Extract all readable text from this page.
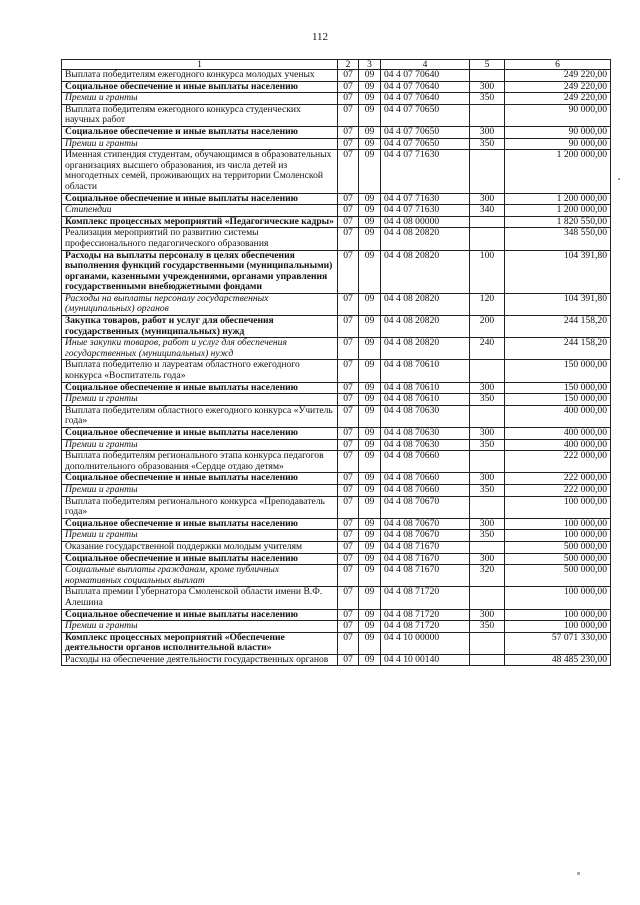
112
1	2	3	4	5	6
Выплата победителям ежегодного конкурса молодых ученых	07	09	04 4 07 70640		249 220,00
Социальное обеспечение и иные выплаты населению	07	09	04 4 07 70640	300	249 220,00
Премии и гранты	07	09	04 4 07 70640	350	249 220,00
Выплата победителям ежегодного конкурса студенческих научных работ	07	09	04 4 07 70650		90 000,00
Социальное обеспечение и иные выплаты населению	07	09	04 4 07 70650	300	90 000,00
Премии и гранты	07	09	04 4 07 70650	350	90 000,00
Именная стипендия студентам, обучающимся в образовательных организациях высшего образования, из числа детей из многодетных семей, проживающих на территории Смоленской области	07	09	04 4 07 71630		1 200 000,00
Социальное обеспечение и иные выплаты населению	07	09	04 4 07 71630	300	1 200 000,00
Стипендии	07	09	04 4 07 71630	340	1 200 000,00
Комплекс процессных мероприятий «Педагогические кадры»	07	09	04 4 08 00000		1 820 550,00
Реализация мероприятий по развитию системы профессионального педагогического образования	07	09	04 4 08 20820		348 550,00
Расходы на выплаты персоналу в целях обеспечения выполнения функций государственными (муниципальными) органами, казенными учреждениями, органами управления государственными внебюджетными фондами	07	09	04 4 08 20820	100	104 391,80
Расходы на выплаты персоналу государственных (муниципальных) органов	07	09	04 4 08 20820	120	104 391,80
Закупка товаров, работ и услуг для обеспечения государственных (муниципальных) нужд	07	09	04 4 08 20820	200	244 158,20
Иные закупки товаров, работ и услуг для обеспечения государственных (муниципальных) нужд	07	09	04 4 08 20820	240	244 158,20
Выплата победителю и лауреатам областного ежегодного конкурса «Воспитатель года»	07	09	04 4 08 70610		150 000,00
Социальное обеспечение и иные выплаты населению	07	09	04 4 08 70610	300	150 000,00
Премии и гранты	07	09	04 4 08 70610	350	150 000,00
Выплата победителям областного ежегодного конкурса «Учитель года»	07	09	04 4 08 70630		400 000,00
Социальное обеспечение и иные выплаты населению	07	09	04 4 08 70630	300	400 000,00
Премии и гранты	07	09	04 4 08 70630	350	400 000,00
Выплата победителям регионального этапа конкурса педагогов дополнительного образования «Сердце отдаю детям»	07	09	04 4 08 70660		222 000,00
Социальное обеспечение и иные выплаты населению	07	09	04 4 08 70660	300	222 000,00
Премии и гранты	07	09	04 4 08 70660	350	222 000,00
Выплата победителям регионального конкурса «Преподаватель года»	07	09	04 4 08 70670		100 000,00
Социальное обеспечение и иные выплаты населению	07	09	04 4 08 70670	300	100 000,00
Премии и гранты	07	09	04 4 08 70670	350	100 000,00
Оказание государственной поддержки молодым учителям	07	09	04 4 08 71670		500 000,00
Социальное обеспечение и иные выплаты населению	07	09	04 4 08 71670	300	500 000,00
Социальные выплаты гражданам, кроме публичных нормативных социальных выплат	07	09	04 4 08 71670	320	500 000,00
Выплата премии Губернатора Смоленской области имени В.Ф. Алешина	07	09	04 4 08 71720		100 000,00
Социальное обеспечение и иные выплаты населению	07	09	04 4 08 71720	300	100 000,00
Премии и гранты	07	09	04 4 08 71720	350	100 000,00
Комплекс процессных мероприятий «Обеспечение деятельности органов исполнительной власти»	07	09	04 4 10 00000		57 071 330,00
Расходы на обеспечение деятельности государственных органов	07	09	04 4 10 00140		48 485 230,00
